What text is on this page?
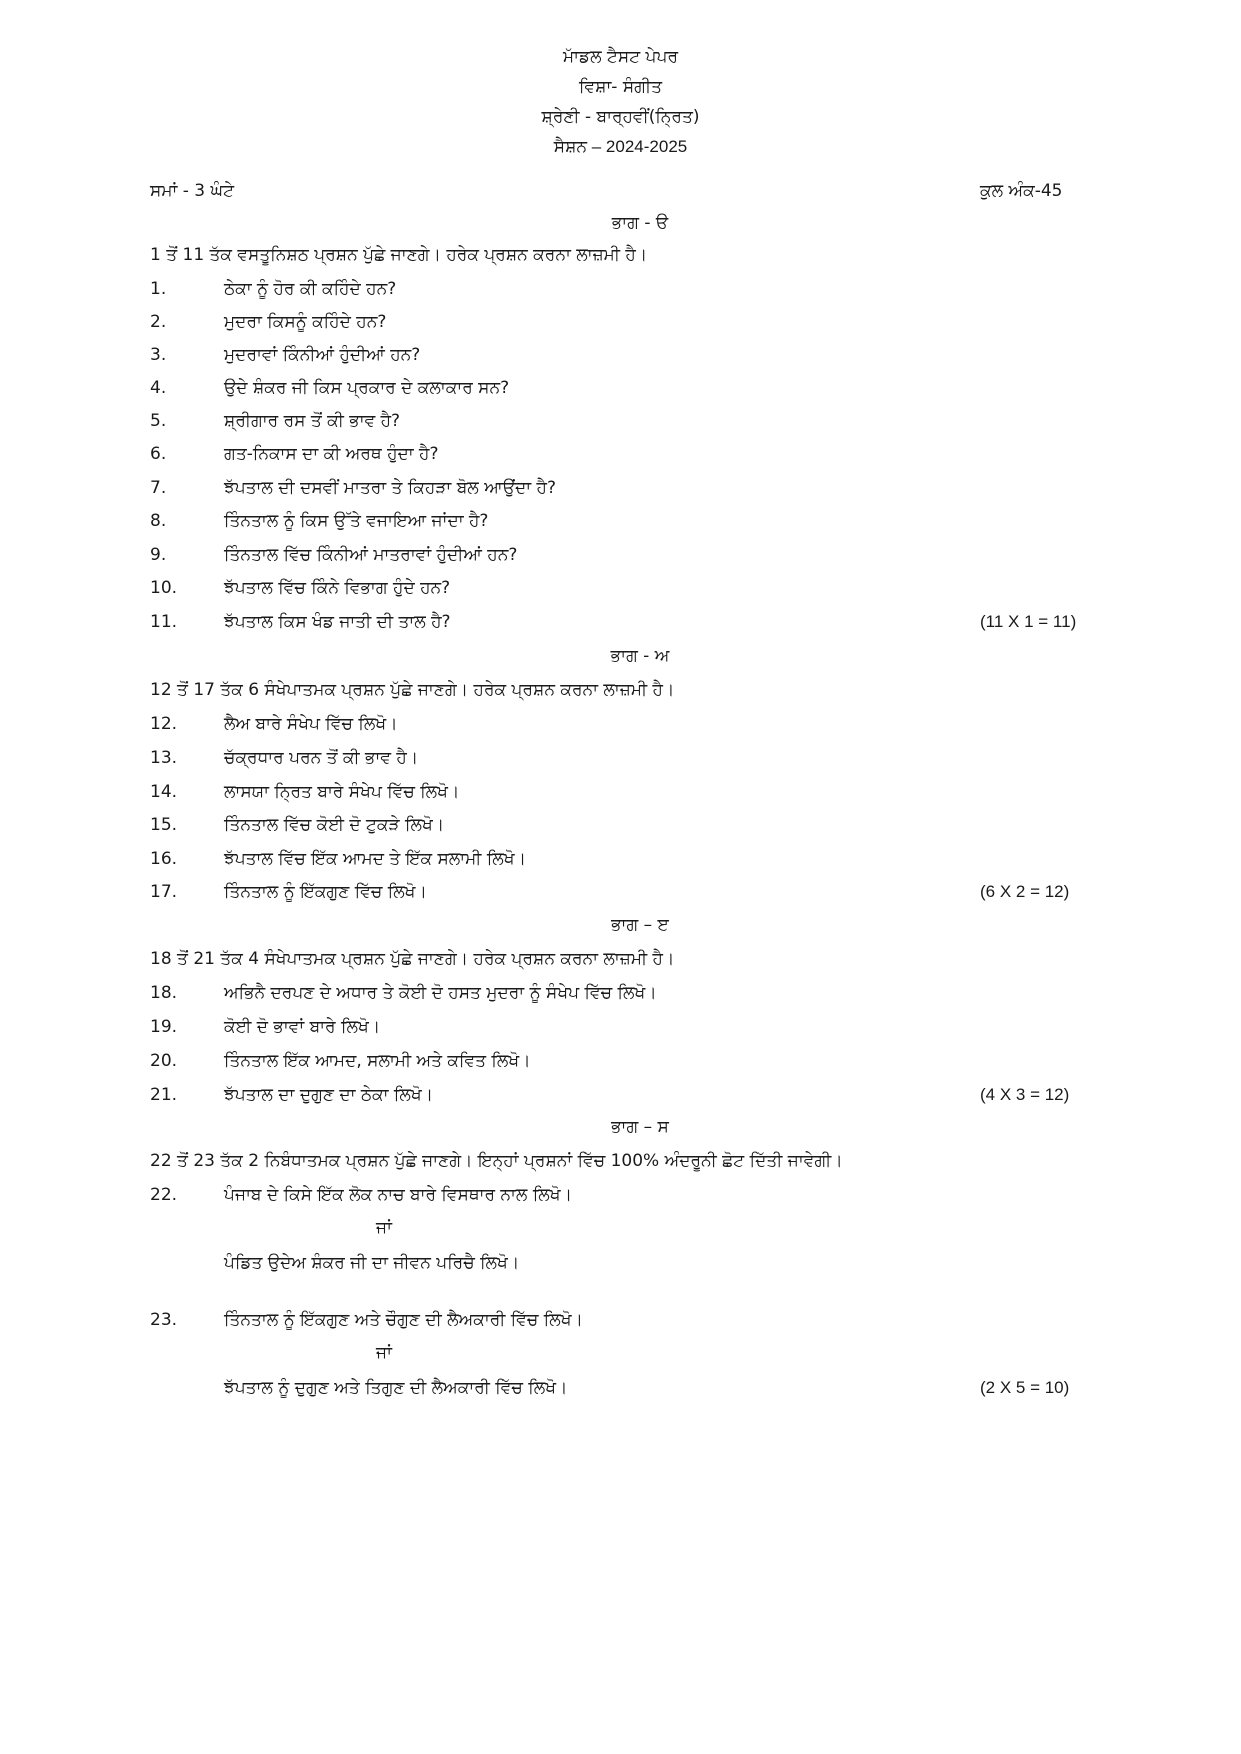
ਮਾੱਡਲ ਟੈਸਟ ਪੇਪਰ
ਵਿਸ਼ਾ- ਸੰਗੀਤ
ਸ਼੍ਰੇਣੀ - ਬਾਰ੍ਹਵੀਂ(ਨ੍ਰਿਤ)
ਸੈਸ਼ਨ – 2024-2025
ਸਮਾਂ - 3 ਘੰਟੇ	ਕੁਲ ਅੰਕ-45
ਭਾਗ - ੳ
1 ਤੋਂ 11 ਤੱਕ ਵਸਤੂਨਿਸ਼ਠ ਪ੍ਰਸ਼ਨ ਪੁੱਛੇ ਜਾਣਗੇ। ਹਰੇਕ ਪ੍ਰਸ਼ਨ ਕਰਨਾ ਲਾਜ਼ਮੀ ਹੈ।
1.	ਠੇਕਾ ਨੂੰ ਹੋਰ ਕੀ ਕਹਿੰਦੇ ਹਨ?
2.	ਮੁਦਰਾ ਕਿਸਨੂੰ ਕਹਿੰਦੇ ਹਨ?
3.	ਮੁਦਰਾਵਾਂ ਕਿੰਨੀਆਂ ਹੁੰਦੀਆਂ ਹਨ?
4.	ਉਦੇ ਸ਼ੰਕਰ ਜੀ ਕਿਸ ਪ੍ਰਕਾਰ ਦੇ ਕਲਾਕਾਰ ਸਨ?
5.	ਸ਼੍ਰੀਗਾਰ ਰਸ ਤੋਂ ਕੀ ਭਾਵ ਹੈ?
6.	ਗਤ-ਨਿਕਾਸ ਦਾ ਕੀ ਅਰਥ ਹੁੰਦਾ ਹੈ?
7.	ਝੱਪਤਾਲ ਦੀ ਦਸਵੀਂ ਮਾਤਰਾ ਤੇ ਕਿਹੜਾ ਬੋਲ ਆਉਂਦਾ ਹੈ?
8.	ਤਿੰਨਤਾਲ ਨੂੰ ਕਿਸ ਉੱਤੇ ਵਜਾਇਆ ਜਾਂਦਾ ਹੈ?
9.	ਤਿੰਨਤਾਲ ਵਿੱਚ ਕਿੰਨੀਆਂ ਮਾਤਰਾਵਾਂ ਹੁੰਦੀਆਂ ਹਨ?
10.	ਝੱਪਤਾਲ ਵਿੱਚ ਕਿੰਨੇ ਵਿਭਾਗ ਹੁੰਦੇ ਹਨ?
11.	ਝੱਪਤਾਲ ਕਿਸ ਖੰਡ ਜਾਤੀ ਦੀ ਤਾਲ ਹੈ?	(11 X 1 = 11)
ਭਾਗ - ਅ
12 ਤੋਂ 17 ਤੱਕ 6 ਸੰਖੇਪਾਤਮਕ ਪ੍ਰਸ਼ਨ ਪੁੱਛੇ ਜਾਣਗੇ। ਹਰੇਕ ਪ੍ਰਸ਼ਨ ਕਰਨਾ ਲਾਜ਼ਮੀ ਹੈ।
12.	ਲੈਅ ਬਾਰੇ ਸੰਖੇਪ ਵਿੱਚ ਲਿਖੋ।
13.	ਚੱਕ੍ਰਧਾਰ ਪਰਨ ਤੋਂ ਕੀ ਭਾਵ ਹੈ।
14.	ਲਾਸਯਾ ਨ੍ਰਿਤ ਬਾਰੇ ਸੰਖੇਪ ਵਿੱਚ ਲਿਖੋ।
15.	ਤਿੰਨਤਾਲ ਵਿੱਚ ਕੋਈ ਦੋ ਟੁਕੜੇ ਲਿਖੋ।
16.	ਝੱਪਤਾਲ ਵਿੱਚ ਇੱਕ ਆਮਦ ਤੇ ਇੱਕ ਸਲਾਮੀ ਲਿਖੋ।
17.	ਤਿੰਨਤਾਲ ਨੂੰ ਇੱਕਗੁਣ ਵਿੱਚ ਲਿਖੋ।	(6 X 2 = 12)
ਭਾਗ – ੲ
18 ਤੋਂ 21 ਤੱਕ 4 ਸੰਖੇਪਾਤਮਕ ਪ੍ਰਸ਼ਨ ਪੁੱਛੇ ਜਾਣਗੇ। ਹਰੇਕ ਪ੍ਰਸ਼ਨ ਕਰਨਾ ਲਾਜ਼ਮੀ ਹੈ।
18.	ਅਭਿਨੈ ਦਰਪਣ ਦੇ ਅਧਾਰ ਤੇ ਕੋਈ ਦੋ ਹਸਤ ਮੁਦਰਾ ਨੂੰ ਸੰਖੇਪ ਵਿੱਚ ਲਿਖੋ।
19.	ਕੋਈ ਦੋ ਭਾਵਾਂ ਬਾਰੇ ਲਿਖੋ।
20.	ਤਿੰਨਤਾਲ ਇੱਕ ਆਮਦ, ਸਲਾਮੀ ਅਤੇ ਕਵਿਤ ਲਿਖੋ।
21.	ਝੱਪਤਾਲ ਦਾ ਦੁਗੁਣ ਦਾ ਠੇਕਾ ਲਿਖੋ।	(4 X 3 = 12)
ਭਾਗ – ਸ
22 ਤੋਂ 23 ਤੱਕ 2 ਨਿਬੰਧਾਤਮਕ ਪ੍ਰਸ਼ਨ ਪੁੱਛੇ ਜਾਣਗੇ। ਇਨ੍ਹਾਂ ਪ੍ਰਸ਼ਨਾਂ ਵਿੱਚ 100% ਅੰਦਰੂਨੀ ਛੋਟ ਦਿੱਤੀ ਜਾਵੇਗੀ।
22.	ਪੰਜਾਬ ਦੇ ਕਿਸੇ ਇੱਕ ਲੋਕ ਨਾਚ ਬਾਰੇ ਵਿਸਥਾਰ ਨਾਲ ਲਿਖੋ।
ਜਾਂ
ਪੰਡਿਤ ਉਦੇਅ ਸ਼ੰਕਰ ਜੀ ਦਾ ਜੀਵਨ ਪਰਿਚੈ ਲਿਖੋ।
23.	ਤਿੰਨਤਾਲ ਨੂੰ ਇੱਕਗੁਣ ਅਤੇ ਚੌਗੁਣ ਦੀ ਲੈਅਕਾਰੀ ਵਿੱਚ ਲਿਖੋ।
ਜਾਂ
ਝੱਪਤਾਲ ਨੂੰ ਦੁਗੁਣ ਅਤੇ ਤਿਗੁਣ ਦੀ ਲੈਅਕਾਰੀ ਵਿੱਚ ਲਿਖੋ।	(2 X 5 = 10)
